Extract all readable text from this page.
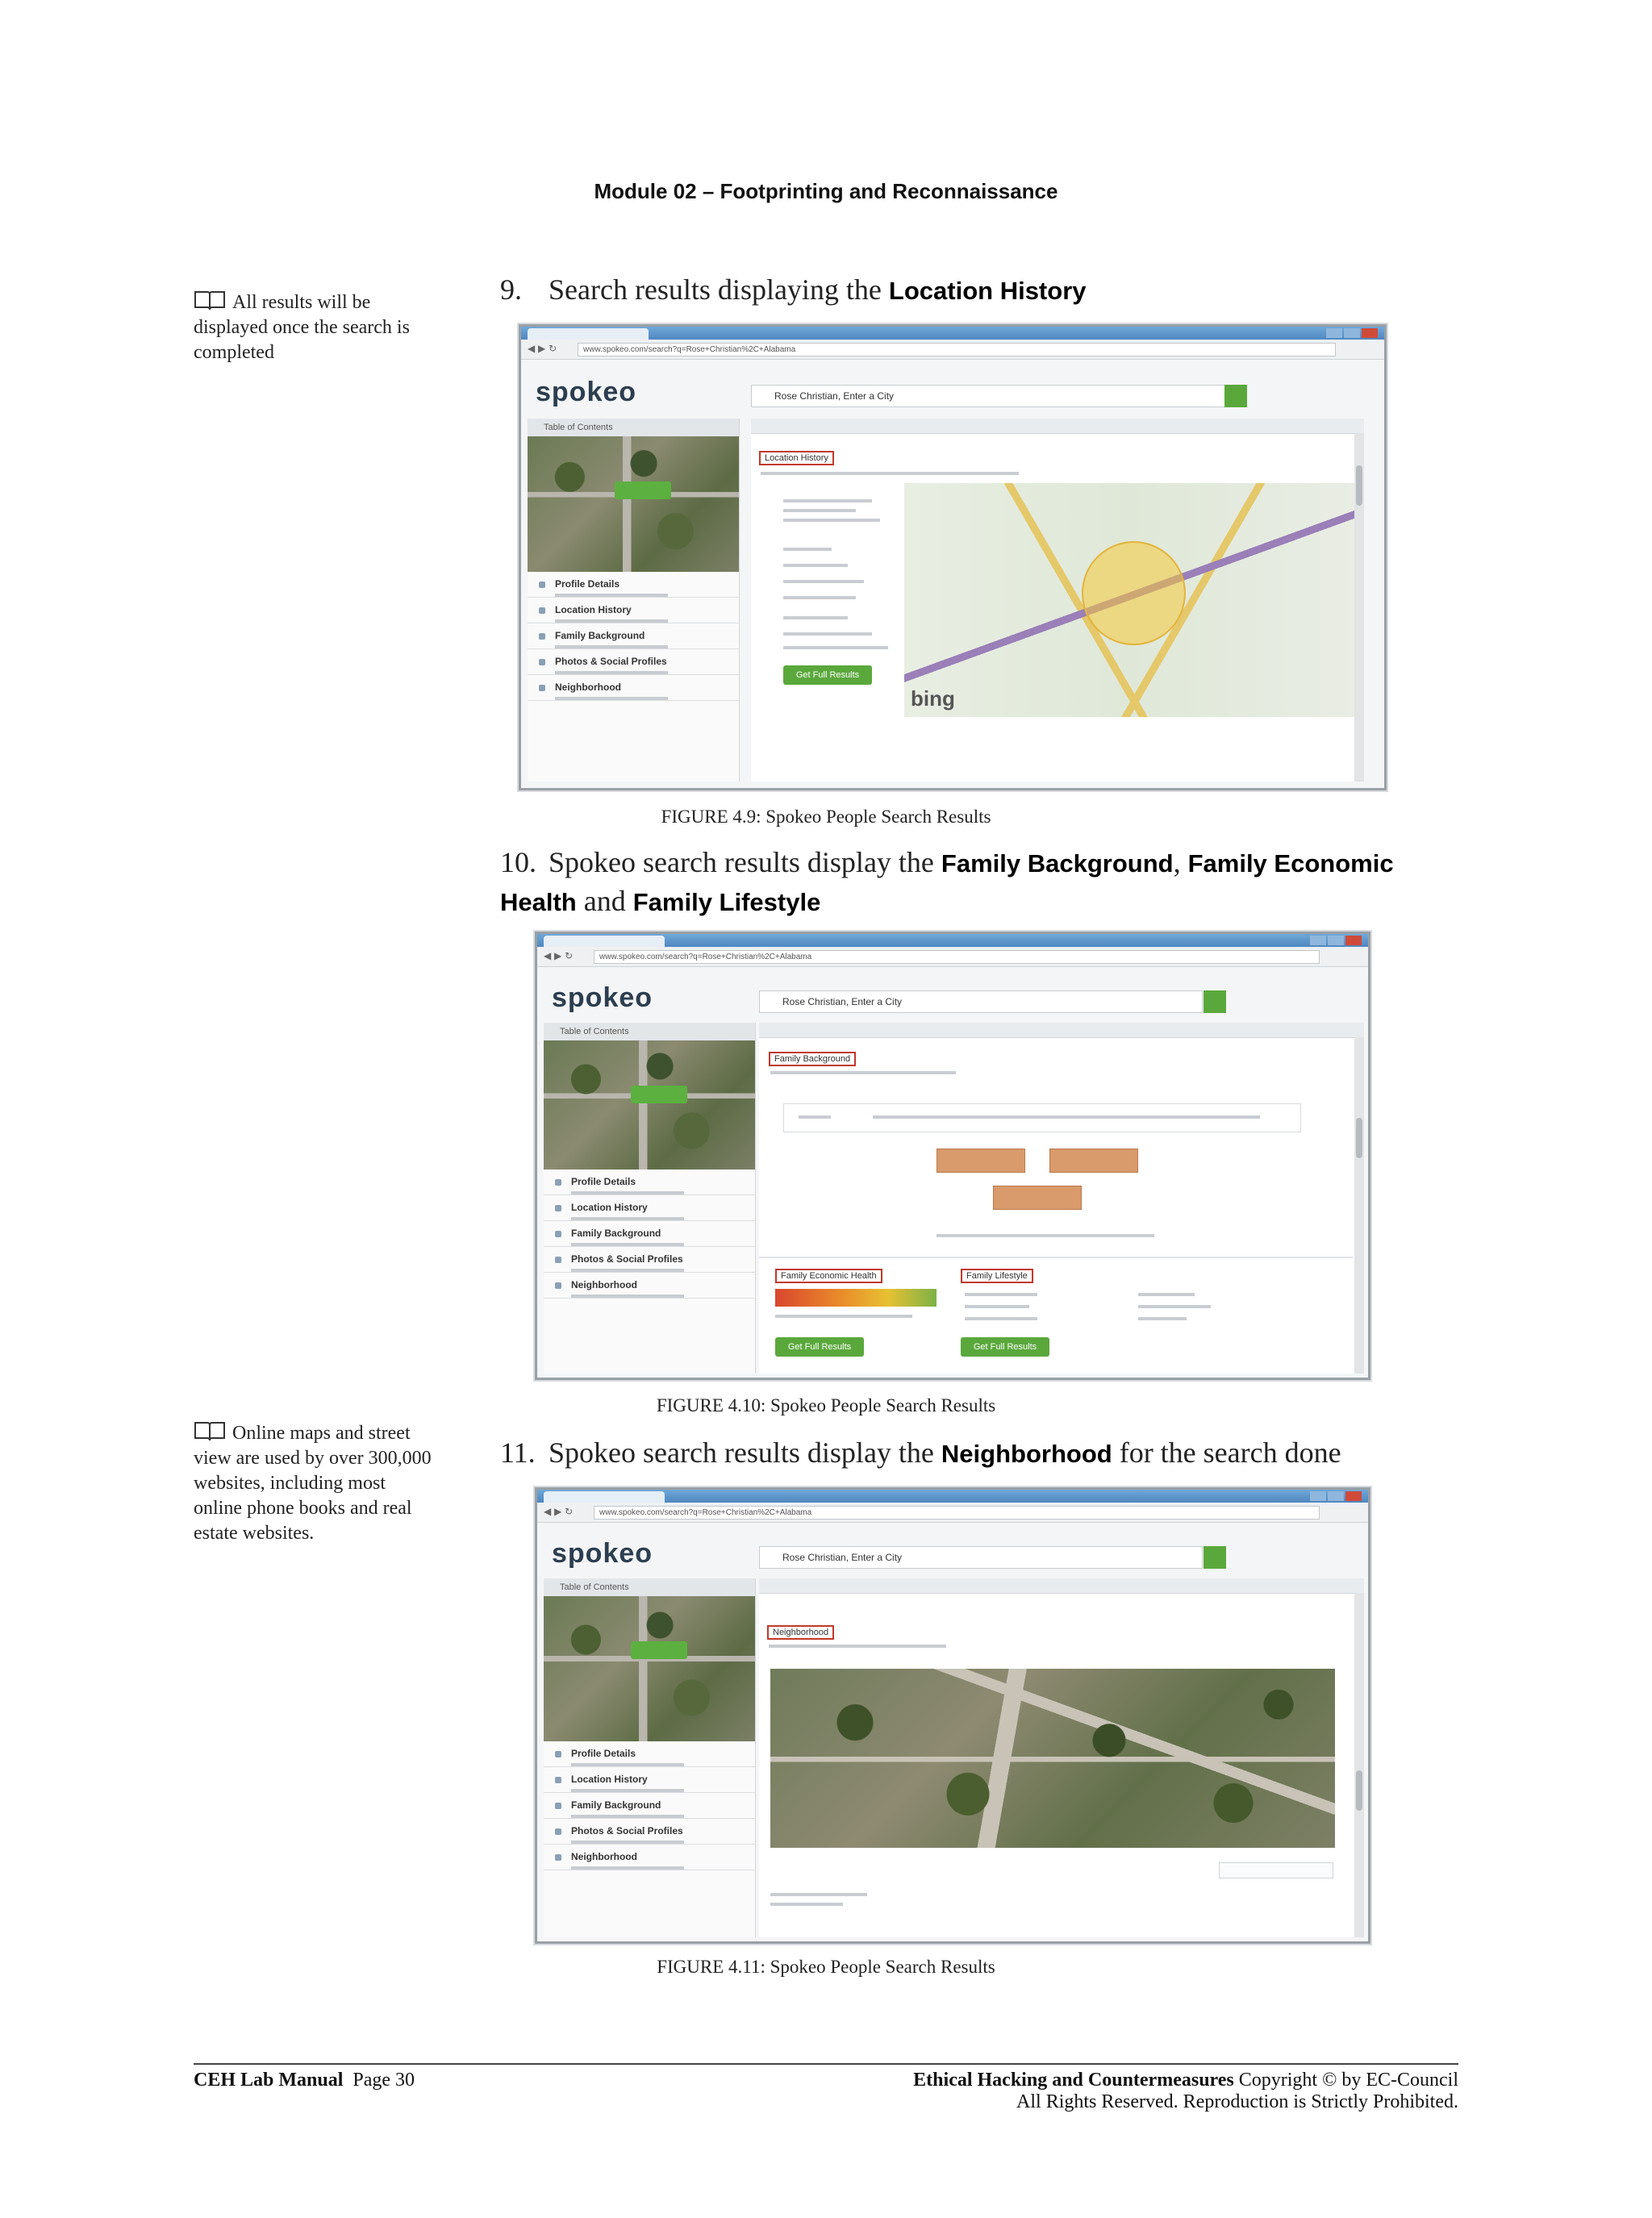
Module 02 – Footprinting and Reconnaissance
All results will be displayed once the search is completed
Online maps and street view are used by over 300,000 websites, including most online phone books and real estate websites.
9. Search results displaying the Location History
◀ ▶ ↻	www.spokeo.com/search?q=Rose+Christian%2C+Alabama
spokeo	Rose Christian, Enter a City
Table of Contents
Profile Details
Location History
Family Background
Photos & Social Profiles
Neighborhood
Location History
Get Full Results
bing
FIGURE 4.9: Spokeo People Search Results
10. Spokeo search results display the Family Background, Family Economic Health and Family Lifestyle
◀ ▶ ↻	www.spokeo.com/search?q=Rose+Christian%2C+Alabama
spokeo	Rose Christian, Enter a City
Table of Contents
Profile Details
Location History
Family Background
Photos & Social Profiles
Neighborhood
Family Background
Family Economic Health	Family Lifestyle
Get Full Results	Get Full Results
FIGURE 4.10: Spokeo People Search Results
11. Spokeo search results display the Neighborhood for the search done
◀ ▶ ↻	www.spokeo.com/search?q=Rose+Christian%2C+Alabama
spokeo	Rose Christian, Enter a City
Table of Contents
Profile Details
Location History
Family Background
Photos & Social Profiles
Neighborhood
Neighborhood
FIGURE 4.11: Spokeo People Search Results
CEH Lab Manual Page 30	Ethical Hacking and Countermeasures Copyright © by EC-Council
All Rights Reserved. Reproduction is Strictly Prohibited.
